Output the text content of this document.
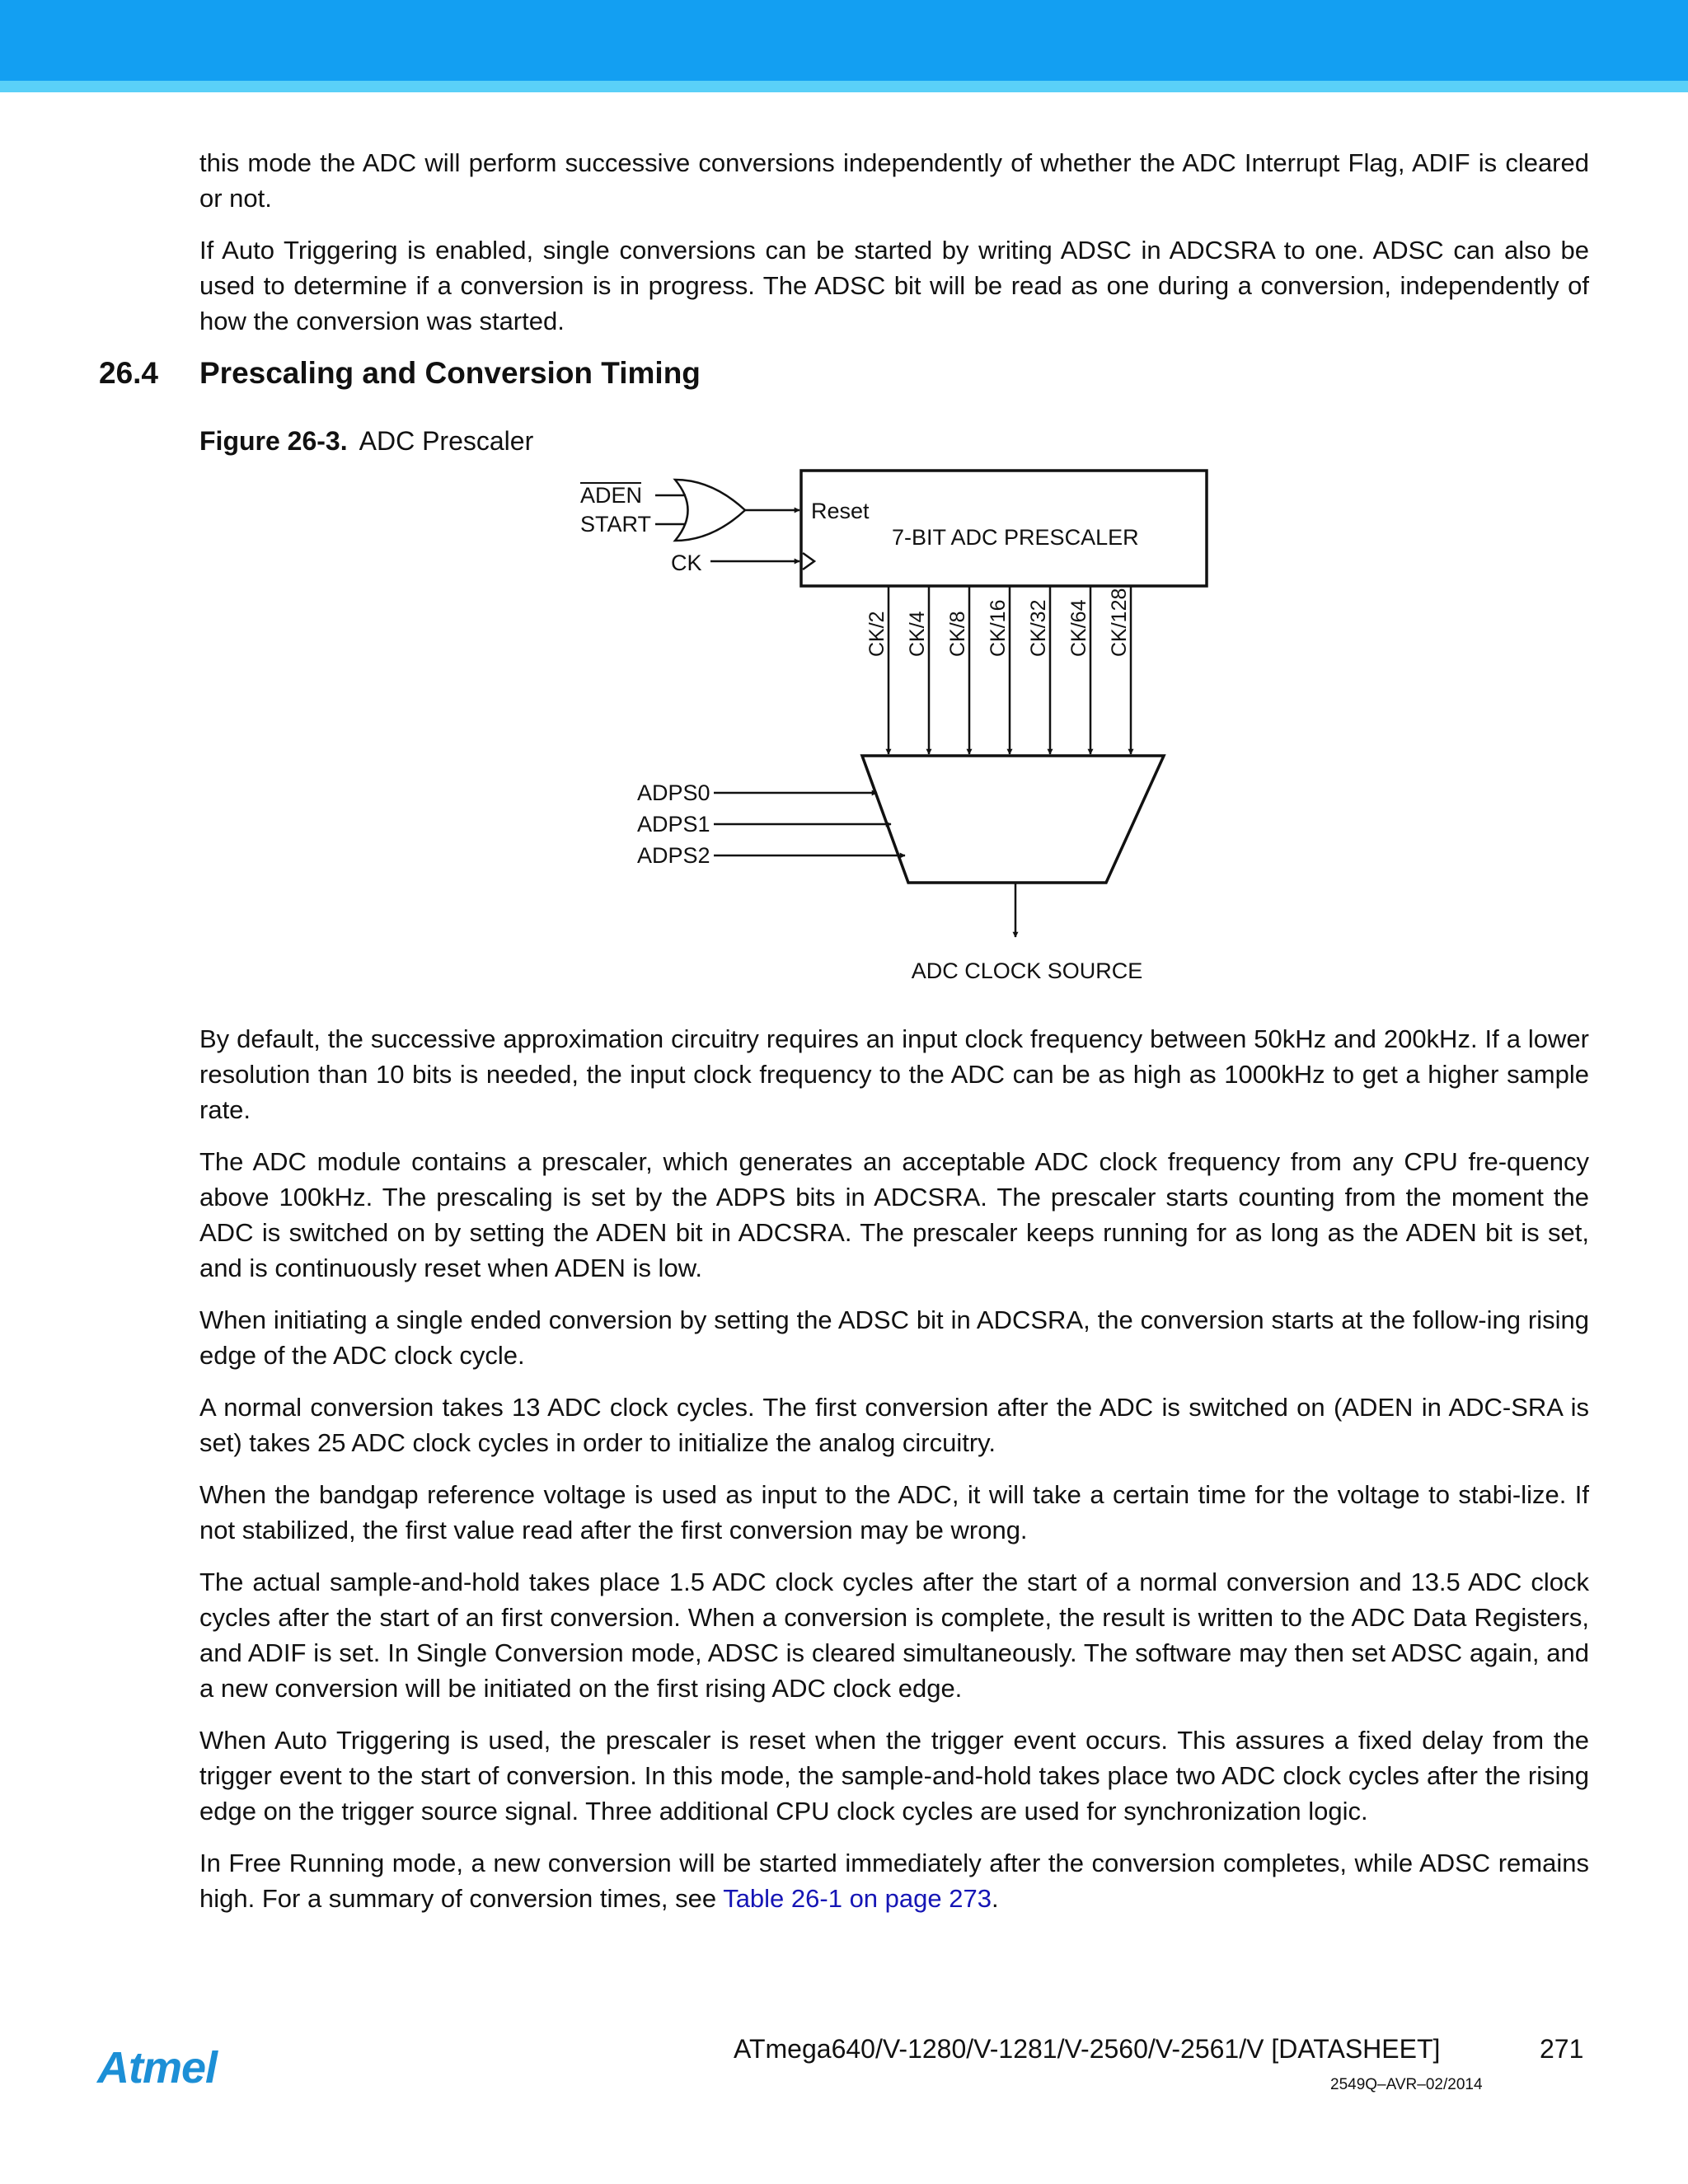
this mode the ADC will perform successive conversions independently of whether the ADC Interrupt Flag, ADIF is cleared or not.

If Auto Triggering is enabled, single conversions can be started by writing ADSC in ADCSRA to one. ADSC can also be used to determine if a conversion is in progress. The ADSC bit will be read as one during a conversion, independently of how the conversion was started.

26.4 Prescaling and Conversion Timing
Figure 26-3. ADC Prescaler
ADEN
START
CK
Reset
7-BIT ADC PRESCALER
CK/2 CK/4 CK/8 CK/16 CK/32 CK/64 CK/128
ADPS0
ADPS1
ADPS2
ADC CLOCK SOURCE

By default, the successive approximation circuitry requires an input clock frequency between 50kHz and 200kHz. If a lower resolution than 10 bits is needed, the input clock frequency to the ADC can be as high as 1000kHz to get a higher sample rate.

The ADC module contains a prescaler, which generates an acceptable ADC clock frequency from any CPU fre-quency above 100kHz. The prescaling is set by the ADPS bits in ADCSRA. The prescaler starts counting from the moment the ADC is switched on by setting the ADEN bit in ADCSRA. The prescaler keeps running for as long as the ADEN bit is set, and is continuously reset when ADEN is low.

When initiating a single ended conversion by setting the ADSC bit in ADCSRA, the conversion starts at the follow-ing rising edge of the ADC clock cycle.

A normal conversion takes 13 ADC clock cycles. The first conversion after the ADC is switched on (ADEN in ADC-SRA is set) takes 25 ADC clock cycles in order to initialize the analog circuitry.

When the bandgap reference voltage is used as input to the ADC, it will take a certain time for the voltage to stabi-lize. If not stabilized, the first value read after the first conversion may be wrong.

The actual sample-and-hold takes place 1.5 ADC clock cycles after the start of a normal conversion and 13.5 ADC clock cycles after the start of an first conversion. When a conversion is complete, the result is written to the ADC Data Registers, and ADIF is set. In Single Conversion mode, ADSC is cleared simultaneously. The software may then set ADSC again, and a new conversion will be initiated on the first rising ADC clock edge.

When Auto Triggering is used, the prescaler is reset when the trigger event occurs. This assures a fixed delay from the trigger event to the start of conversion. In this mode, the sample-and-hold takes place two ADC clock cycles after the rising edge on the trigger source signal. Three additional CPU clock cycles are used for synchronization logic.

In Free Running mode, a new conversion will be started immediately after the conversion completes, while ADSC remains high. For a summary of conversion times, see Table 26-1 on page 273.

Atmel	ATmega640/V-1280/V-1281/V-2560/V-2561/V [DATASHEET]	271
2549Q–AVR–02/2014
